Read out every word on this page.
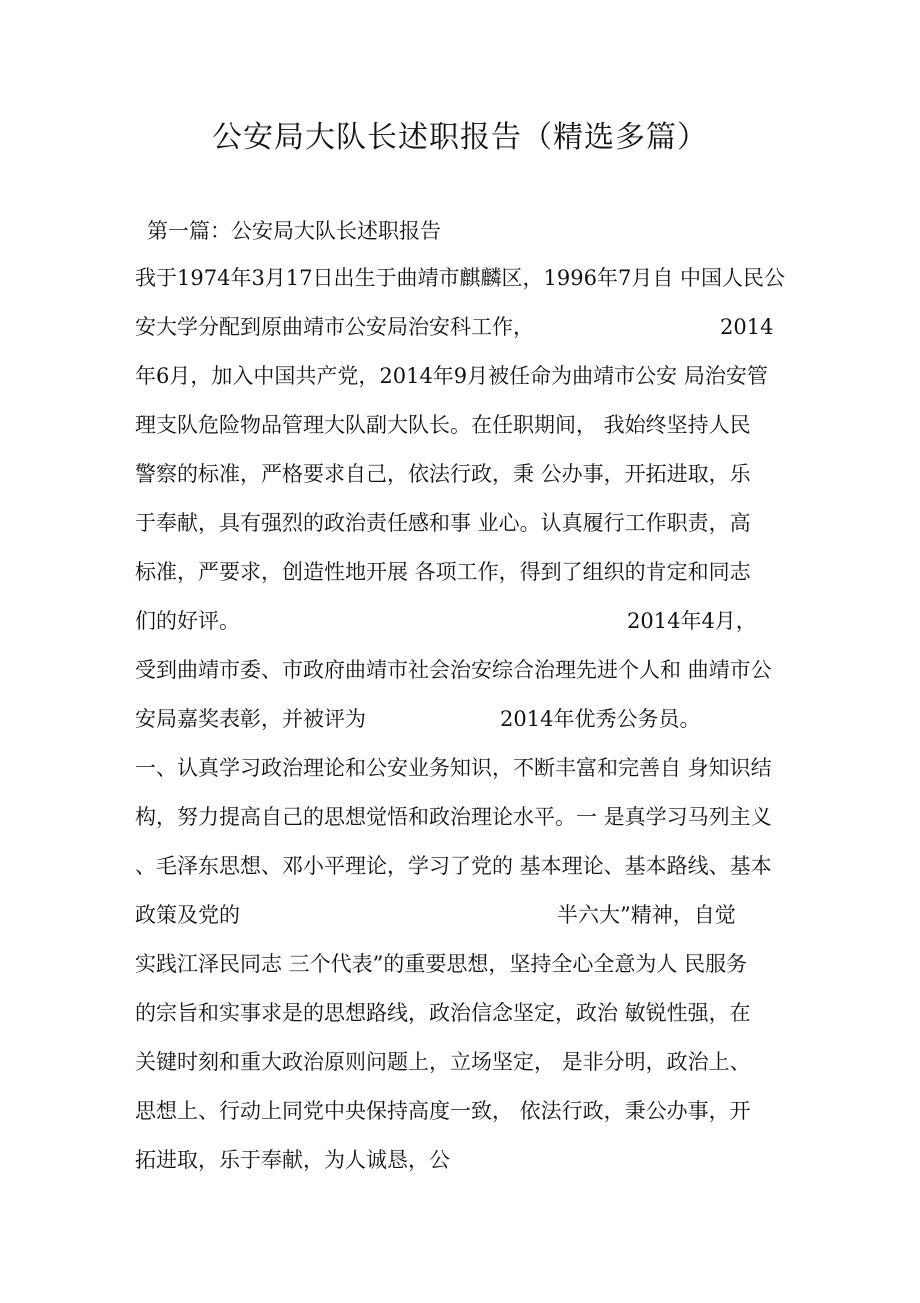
公安局大队长述职报告（精选多篇）
第一篇：公安局大队长述职报告
我于1974年3月17日出生于曲靖市麒麟区，1996年7月自 中国人民公
安大学分配到原曲靖市公安局治安科工作，	2014
年6月，加入中国共产党，2014年9月被任命为曲靖市公安 局治安管
理支队危险物品管理大队副大队长。在任职期间， 我始终坚持人民
警察的标准，严格要求自己，依法行政，秉 公办事，开拓进取，乐
于奉献，具有强烈的政治责任感和事 业心。认真履行工作职责，高
标准，严要求，创造性地开展 各项工作，得到了组织的肯定和同志
们的好评。	2014年4月，
受到曲靖市委、市政府曲靖市社会治安综合治理先进个人和 曲靖市公
安局嘉奖表彰，并被评为	2014年优秀公务员。
一、认真学习政治理论和公安业务知识，不断丰富和完善自 身知识结
构，努力提高自己的思想觉悟和政治理论水平。一 是真学习马列主义
、毛泽东思想、邓小平理论，学习了党的 基本理论、基本路线、基本
政策及党的	半六大”精神，自觉
实践江泽民同志 三个代表”的重要思想，坚持全心全意为人 民服务
的宗旨和实事求是的思想路线，政治信念坚定，政治 敏锐性强，在
关键时刻和重大政治原则问题上，立场坚定， 是非分明，政治上、
思想上、行动上同党中央保持高度一致， 依法行政，秉公办事，开
拓进取，乐于奉献，为人诚恳，公
